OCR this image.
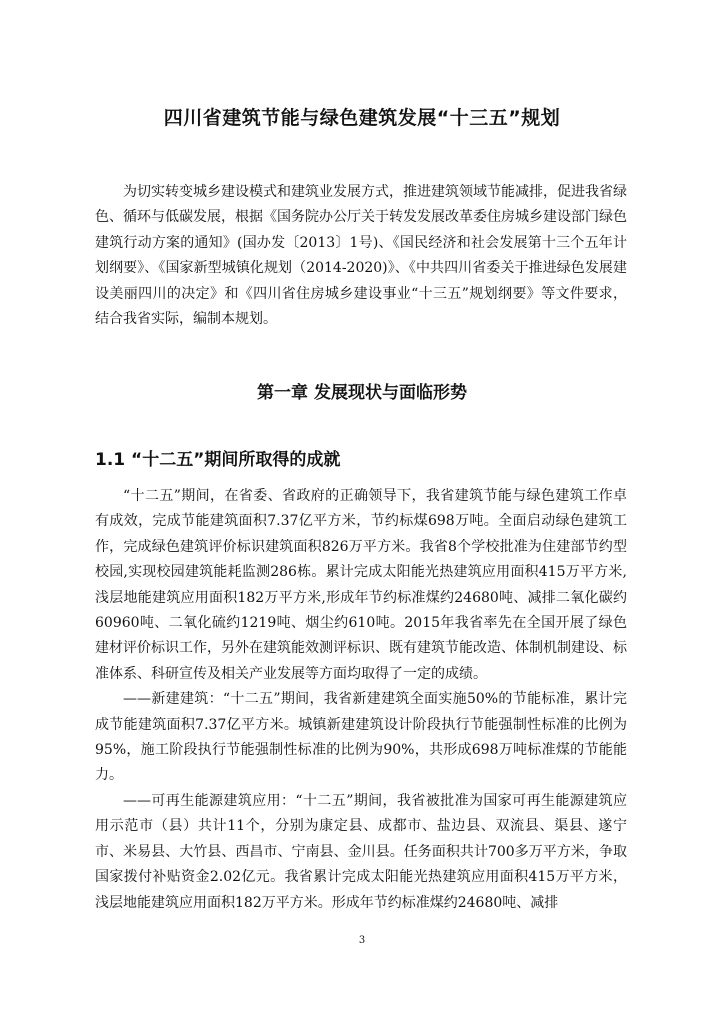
四川省建筑节能与绿色建筑发展“十三五”规划

为切实转变城乡建设模式和建筑业发展方式，推进建筑领域节能减排，促进我省绿色、循环与低碳发展，根据《国务院办公厅关于转发发展改革委住房城乡建设部门绿色建筑行动方案的通知》(国办发〔2013〕1号)、《国民经济和社会发展第十三个五年计划纲要》、《国家新型城镇化规划（2014-2020)》、《中共四川省委关于推进绿色发展建设美丽四川的决定》和《四川省住房城乡建设事业“十三五”规划纲要》等文件要求，结合我省实际，编制本规划。

第一章 发展现状与面临形势
1.1 “十二五”期间所取得的成就

“十二五”期间，在省委、省政府的正确领导下，我省建筑节能与绿色建筑工作卓有成效，完成节能建筑面积7.37亿平方米，节约标煤698万吨。全面启动绿色建筑工作，完成绿色建筑评价标识建筑面积826万平方米。我省8个学校批准为住建部节约型校园,实现校园建筑能耗监测286栋。累计完成太阳能光热建筑应用面积415万平方米,浅层地能建筑应用面积182万平方米,形成年节约标准煤约24680吨、减排二氧化碳约60960吨、二氧化硫约1219吨、烟尘约610吨。2015年我省率先在全国开展了绿色建材评价标识工作，另外在建筑能效测评标识、既有建筑节能改造、体制机制建设、标准体系、科研宣传及相关产业发展等方面均取得了一定的成绩。

——新建建筑：“十二五”期间，我省新建建筑全面实施50%的节能标准，累计完成节能建筑面积7.37亿平方米。城镇新建建筑设计阶段执行节能强制性标准的比例为95%，施工阶段执行节能强制性标准的比例为90%，共形成698万吨标准煤的节能能力。

——可再生能源建筑应用：“十二五”期间，我省被批准为国家可再生能源建筑应用示范市（县）共计11个，分别为康定县、成都市、盐边县、双流县、渠县、遂宁市、米易县、大竹县、西昌市、宁南县、金川县。任务面积共计700多万平方米，争取国家拨付补贴资金2.02亿元。我省累计完成太阳能光热建筑应用面积415万平方米，浅层地能建筑应用面积182万平方米。形成年节约标准煤约24680吨、减排

3
